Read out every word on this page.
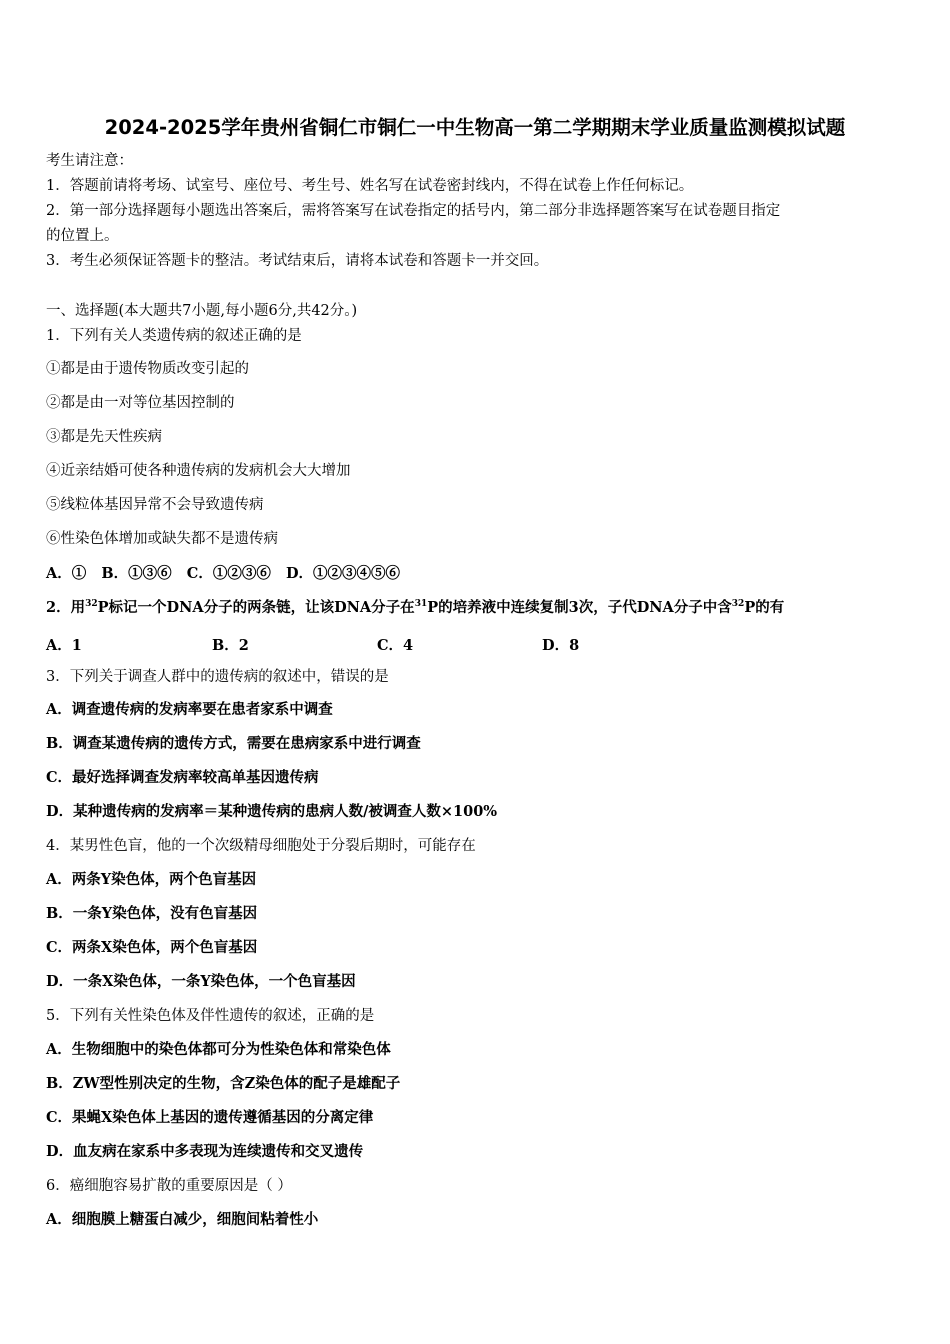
2024-2025学年贵州省铜仁市铜仁一中生物高一第二学期期末学业质量监测模拟试题
考生请注意：
1．答题前请将考场、试室号、座位号、考生号、姓名写在试卷密封线内，不得在试卷上作任何标记。
2．第一部分选择题每小题选出答案后，需将答案写在试卷指定的括号内，第二部分非选择题答案写在试卷题目指定
的位置上。
3．考生必须保证答题卡的整洁。考试结束后，请将本试卷和答题卡一并交回。
一、选择题(本大题共7小题,每小题6分,共42分。)
1．下列有关人类遗传病的叙述正确的是
①都是由于遗传物质改变引起的
②都是由一对等位基因控制的
③都是先天性疾病
④近亲结婚可使各种遗传病的发病机会大大增加
⑤线粒体基因异常不会导致遗传病
⑥性染色体增加或缺失都不是遗传病
A．①   B．①③⑥   C．①②③⑥   D．①②③④⑤⑥
2．用$^{32}$P标记一个DNA分子的两条链，让该DNA分子在$^{31}$P的培养液中连续复制3次，子代DNA分子中含$^{32}$P的有
A．1	B．2	C．4	D．8
3．下列关于调查人群中的遗传病的叙述中，错误的是
A．调查遗传病的发病率要在患者家系中调查
B．调查某遗传病的遗传方式，需要在患病家系中进行调查
C．最好选择调查发病率较高单基因遗传病
D．某种遗传病的发病率＝某种遗传病的患病人数/被调查人数×100%
4．某男性色盲，他的一个次级精母细胞处于分裂后期时，可能存在
A．两条Y染色体，两个色盲基因
B．一条Y染色体，没有色盲基因
C．两条X染色体，两个色盲基因
D．一条X染色体，一条Y染色体，一个色盲基因
5．下列有关性染色体及伴性遗传的叙述，正确的是
A．生物细胞中的染色体都可分为性染色体和常染色体
B．ZW型性别决定的生物，含Z染色体的配子是雄配子
C．果蝇X染色体上基因的遗传遵循基因的分离定律
D．血友病在家系中多表现为连续遗传和交叉遗传
6．癌细胞容易扩散的重要原因是（ ）
A．细胞膜上糖蛋白减少，细胞间粘着性小
